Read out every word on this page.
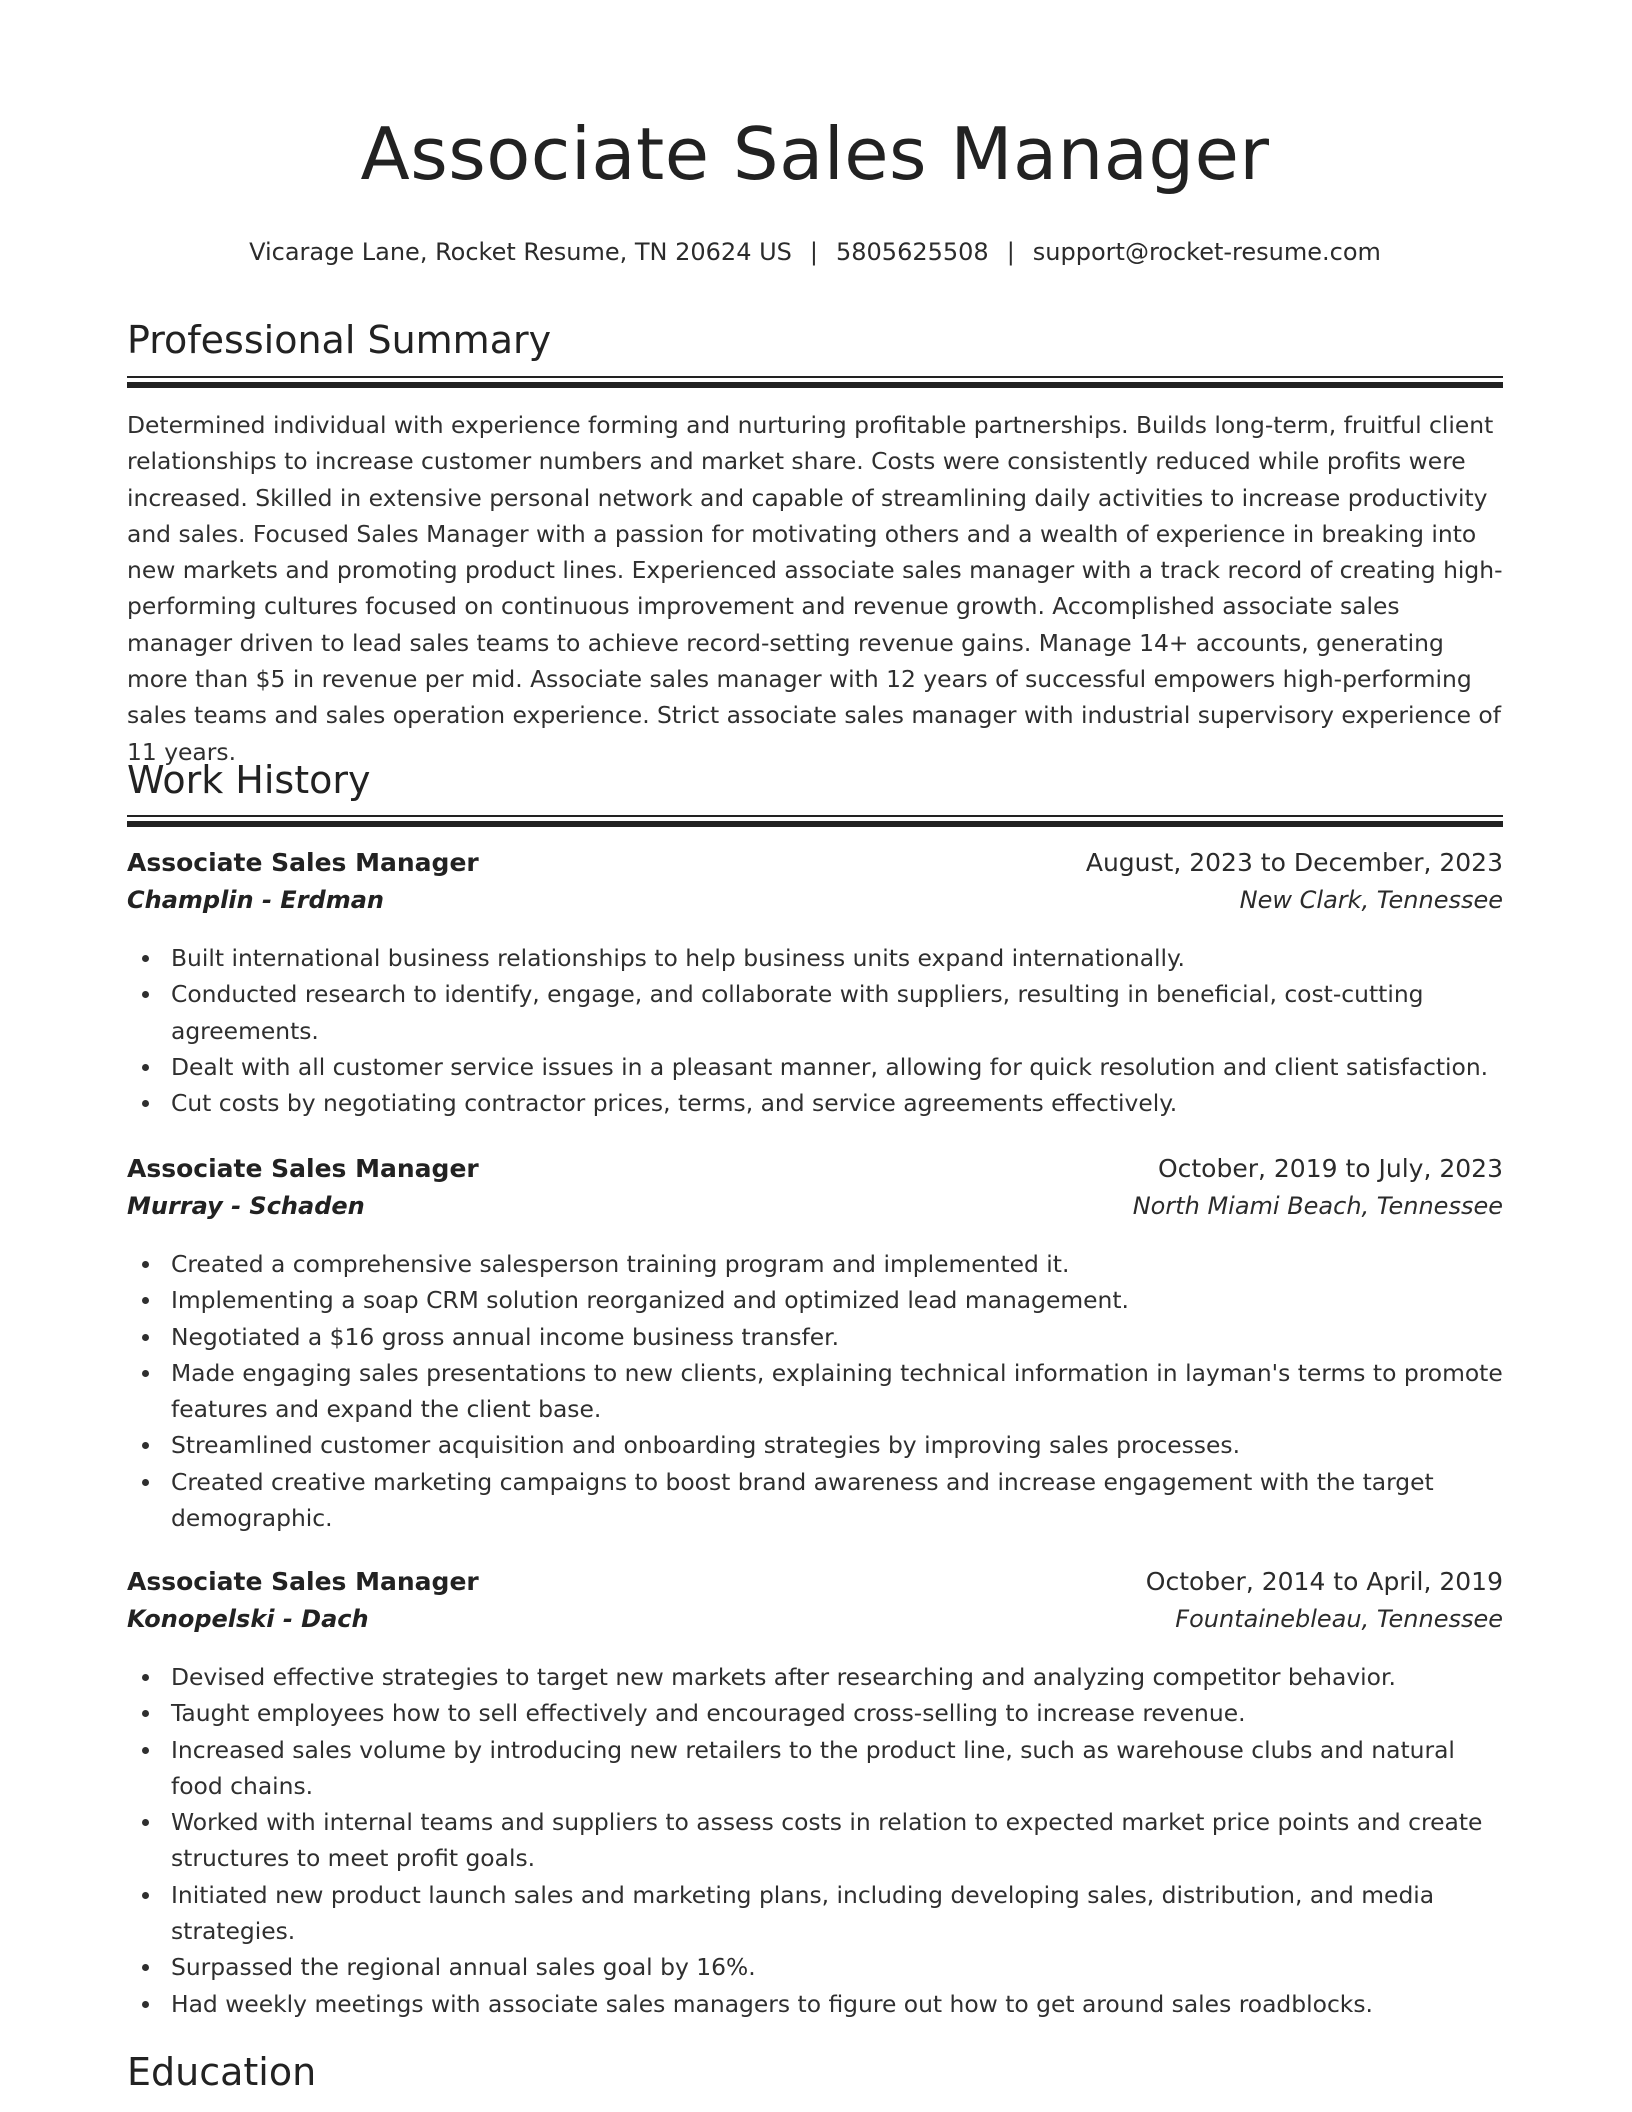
Associate Sales Manager
Vicarage Lane, Rocket Resume, TN 20624 US | 5805625508 | support@rocket-resume.com
Professional Summary

Determined individual with experience forming and nurturing profitable partnerships. Builds long-term, fruitful client relationships to increase customer numbers and market share. Costs were consistently reduced while profits were increased. Skilled in extensive personal network and capable of streamlining daily activities to increase productivity and sales. Focused Sales Manager with a passion for motivating others and a wealth of experience in breaking into new markets and promoting product lines. Experienced associate sales manager with a track record of creating high-performing cultures focused on continuous improvement and revenue growth. Accomplished associate sales manager driven to lead sales teams to achieve record-setting revenue gains. Manage 14+ accounts, generating more than $5 in revenue per mid. Associate sales manager with 12 years of successful empowers high-performing sales teams and sales operation experience. Strict associate sales manager with industrial supervisory experience of 11 years.

Work History
Associate Sales Manager	August, 2023 to December, 2023
Champlin - Erdman	New Clark, Tennessee
Built international business relationships to help business units expand internationally.
Conducted research to identify, engage, and collaborate with suppliers, resulting in beneficial, cost-cutting agreements.
Dealt with all customer service issues in a pleasant manner, allowing for quick resolution and client satisfaction.
Cut costs by negotiating contractor prices, terms, and service agreements effectively.
Associate Sales Manager	October, 2019 to July, 2023
Murray - Schaden	North Miami Beach, Tennessee
Created a comprehensive salesperson training program and implemented it.
Implementing a soap CRM solution reorganized and optimized lead management.
Negotiated a $16 gross annual income business transfer.
Made engaging sales presentations to new clients, explaining technical information in layman's terms to promote features and expand the client base.
Streamlined customer acquisition and onboarding strategies by improving sales processes.
Created creative marketing campaigns to boost brand awareness and increase engagement with the target demographic.
Associate Sales Manager	October, 2014 to April, 2019
Konopelski - Dach	Fountainebleau, Tennessee
Devised effective strategies to target new markets after researching and analyzing competitor behavior.
Taught employees how to sell effectively and encouraged cross-selling to increase revenue.
Increased sales volume by introducing new retailers to the product line, such as warehouse clubs and natural food chains.
Worked with internal teams and suppliers to assess costs in relation to expected market price points and create structures to meet profit goals.
Initiated new product launch sales and marketing plans, including developing sales, distribution, and media strategies.
Surpassed the regional annual sales goal by 16%.
Had weekly meetings with associate sales managers to figure out how to get around sales roadblocks.
Education
